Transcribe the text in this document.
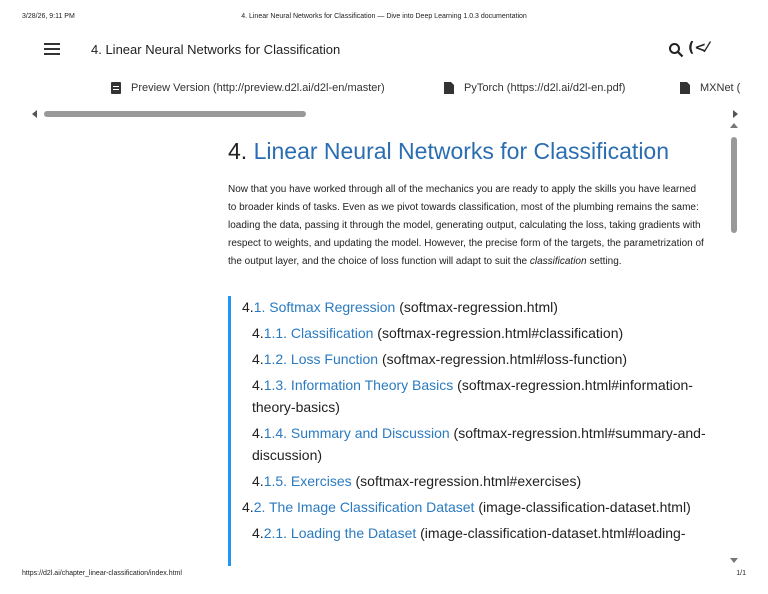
3/28/26, 9:11 PM	4. Linear Neural Networks for Classification — Dive into Deep Learning 1.0.3 documentation
4. Linear Neural Networks for Classification	(<⁄
Preview Version (http://preview.d2l.ai/d2l-en/master)	PyTorch (https://d2l.ai/d2l-en.pdf)	MXNet (
4. Linear Neural Networks for Classification

Now that you have worked through all of the mechanics you are ready to apply the skills you have learned to broader kinds of tasks. Even as we pivot towards classification, most of the plumbing remains the same: loading the data, passing it through the model, generating output, calculating the loss, taking gradients with respect to weights, and updating the model. However, the precise form of the targets, the parametrization of the output layer, and the choice of loss function will adapt to suit the classification setting.

4.1. Softmax Regression (softmax-regression.html)
4.1.1. Classification (softmax-regression.html#classification)
4.1.2. Loss Function (softmax-regression.html#loss-function)
4.1.3. Information Theory Basics (softmax-regression.html#information-theory-basics)
4.1.4. Summary and Discussion (softmax-regression.html#summary-and-discussion)
4.1.5. Exercises (softmax-regression.html#exercises)
4.2. The Image Classification Dataset (image-classification-dataset.html)
4.2.1. Loading the Dataset (image-classification-dataset.html#loading-
https://d2l.ai/chapter_linear-classification/index.html	1/1
